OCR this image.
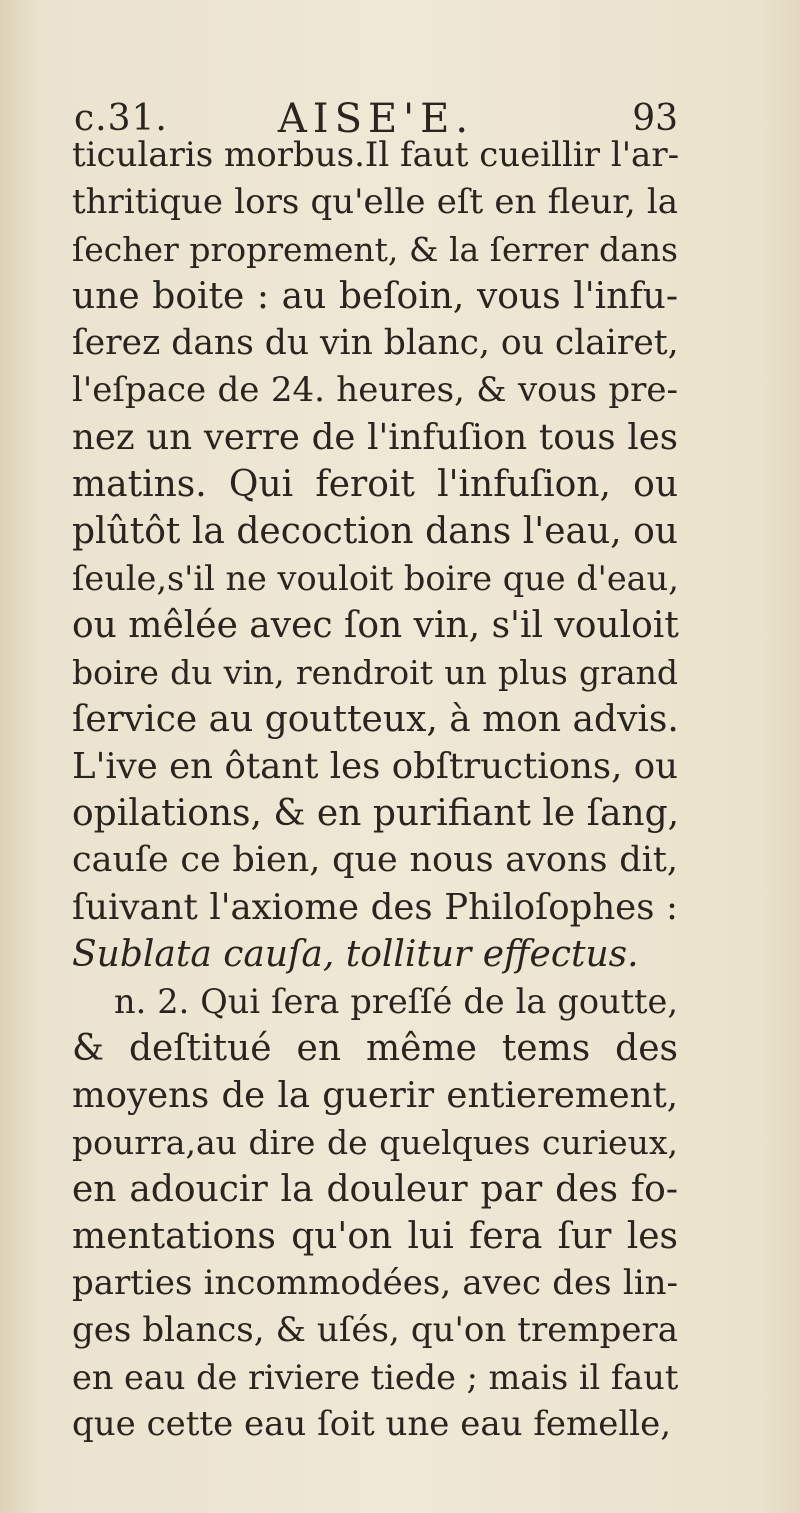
c.31.	AISE'E.	93
ticularis morbus.Il faut cueillir l'ar-
thritique lors qu'elle eſt en fleur, la
ſecher proprement, & la ſerrer dans
une boite : au beſoin, vous l'infu-
ſerez dans du vin blanc, ou clairet,
l'eſpace de 24. heures, & vous pre-
nez un verre de l'infuſion tous les
matins. Qui feroit l'infuſion, ou
plûtôt la decoction dans l'eau, ou
ſeule,s'il ne vouloit boire que d'eau,
ou mêlée avec ſon vin, s'il vouloit
boire du vin, rendroit un plus grand
ſervice au goutteux, à mon advis.
L'ive en ôtant les obſtructions, ou
opilations, & en purifiant le ſang,
cauſe ce bien, que nous avons dit,
ſuivant l'axiome des Philoſophes :
Sublata cauſa, tollitur effectus.
n. 2. Qui ſera preſſé de la goutte,
& deſtitué en même tems des
moyens de la guerir entierement,
pourra,au dire de quelques curieux,
en adoucir la douleur par des fo-
mentations qu'on lui fera ſur les
parties incommodées, avec des lin-
ges blancs, & uſés, qu'on trempera
en eau de riviere tiede ; mais il faut
que cette eau ſoit une eau femelle,
